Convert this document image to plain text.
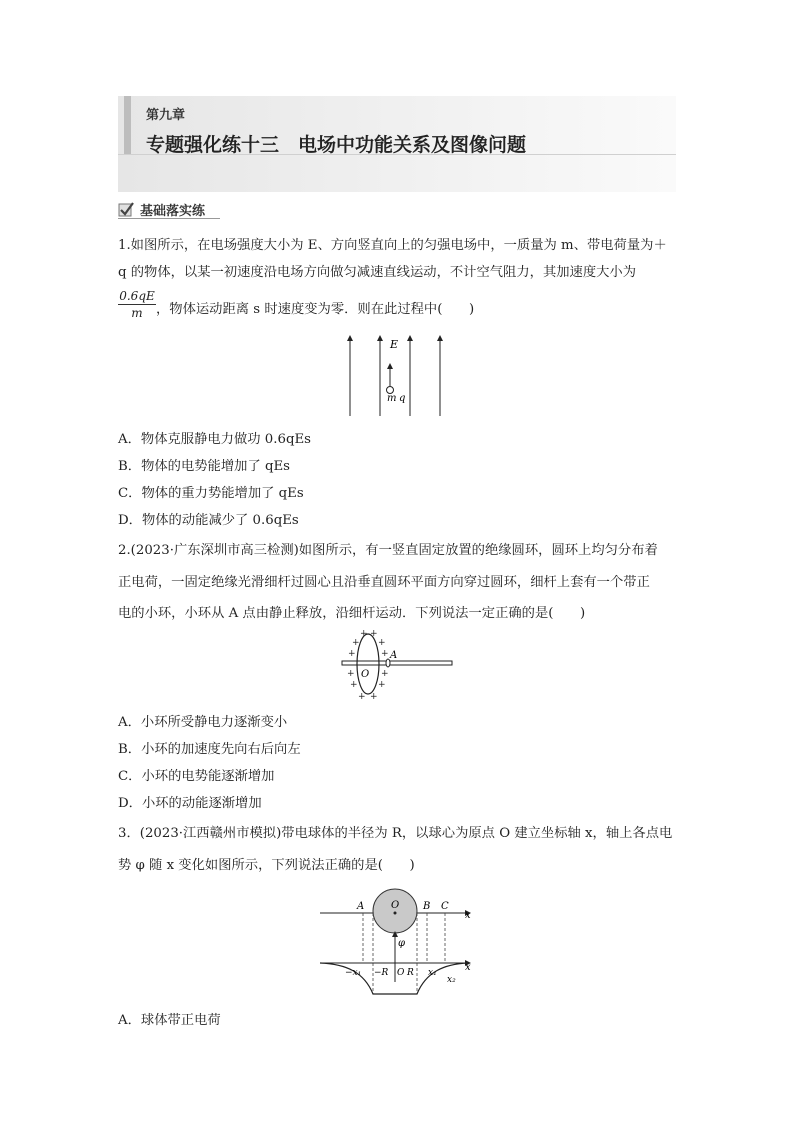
第九章
专题强化练十三　电场中功能关系及图像问题
基础落实练
1.如图所示，在电场强度大小为 E、方向竖直向上的匀强电场中，一质量为 m、带电荷量为＋
q 的物体，以某一初速度沿电场方向做匀减速直线运动，不计空气阻力，其加速度大小为
0.6qE
m	，物体运动距离 s 时速度变为零．则在此过程中(　　)
E
m q
A．物体克服静电力做功 0.6qEs
B．物体的电势能增加了 qEs
C．物体的重力势能增加了 qEs
D．物体的动能减少了 0.6qEs
2.(2023·广东深圳市高三检测)如图所示，有一竖直固定放置的绝缘圆环，圆环上均匀分布着
正电荷，一固定绝缘光滑细杆过圆心且沿垂直圆环平面方向穿过圆环，细杆上套有一个带正
电的小环，小环从 A 点由静止释放，沿细杆运动．下列说法一定正确的是(　　)
A
O
+ +
+ +
+	+
+	+
+ +
+ +
A．小环所受静电力逐渐变小
B．小环的加速度先向右后向左
C．小环的电势能逐渐增加
D．小环的动能逐渐增加
3．(2023·江西赣州市模拟)带电球体的半径为 R，以球心为原点 O 建立坐标轴 x，轴上各点电
势 φ 随 x 变化如图所示，下列说法正确的是(　　)
A	O B C
x
φ
x
−x₁ −R O R x₁
x₂
A．球体带正电荷
